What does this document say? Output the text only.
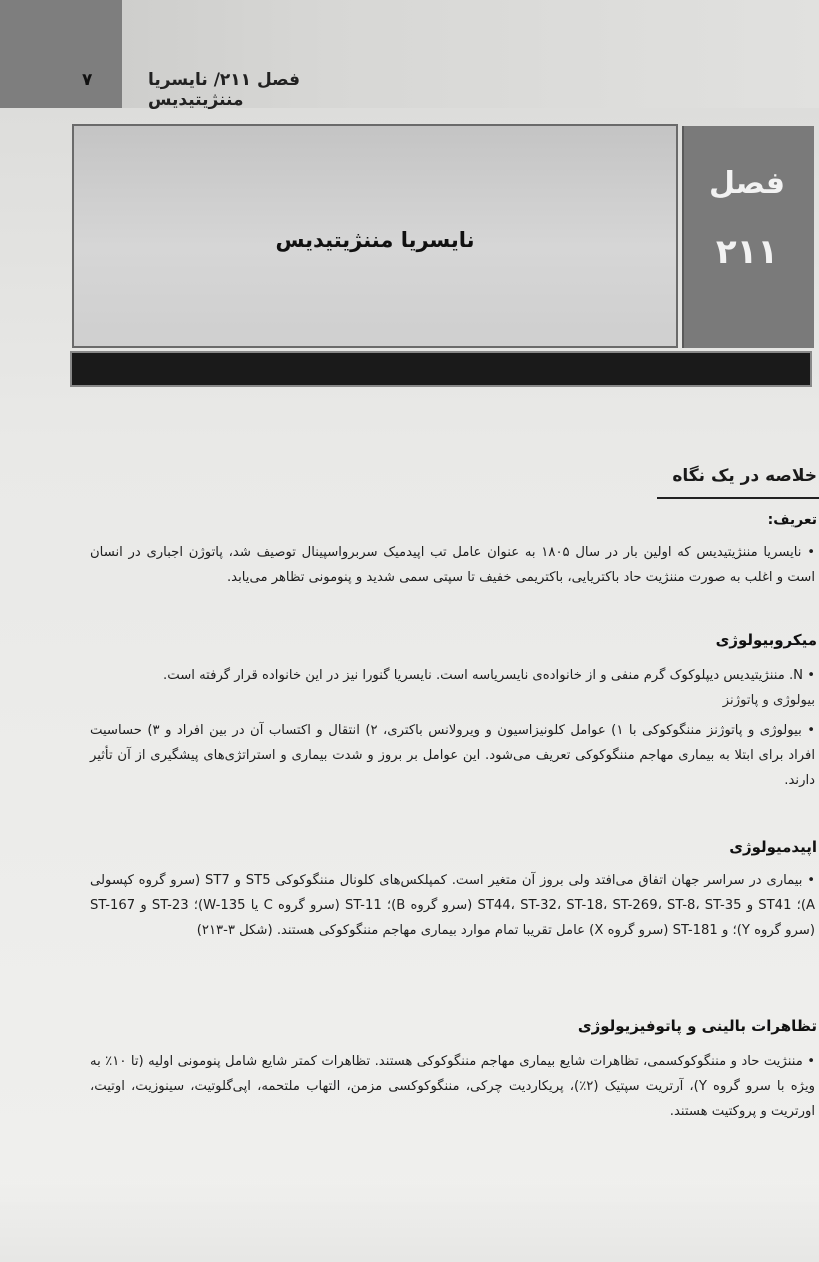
۷	فصل ۲۱۱/ نایسریا مننژیتیدیس
نایسریا مننژیتیدیس
فصل
۲۱۱
خلاصه در یک نگاه
تعریف:

• نایسریا مننژیتیدیس که اولین بار در سال ۱۸۰۵ به عنوان عامل تب اپیدمیک سربرواسپینال توصیف شد، پاتوژن اجباری در انسان است و اغلب به صورت مننژیت حاد باکتریایی، باکتریمی خفیف تا سپتی سمی شدید و پنومونی تظاهر می‌یابد.

میکروبیولوژی

• N. مننژیتیدیس دیپلوکوک گرم منفی و از خانواده‌ی نایسریاسه است. نایسریا گنورا نیز در این خانواده قرار گرفته است.

بیولوژی و پاتوژنز

• بیولوژی و پاتوژنز مننگوکوکی با ۱) عوامل کلونیزاسیون و ویرولانس باکتری، ۲) انتقال و اکتساب آن در بین افراد و ۳) حساسیت افراد برای ابتلا به بیماری مهاجم مننگوکوکی تعریف می‌شود. این عوامل بر بروز و شدت بیماری و استراتژی‌های پیشگیری از آن تأثیر دارند.

اپیدمیولوژی

• بیماری در سراسر جهان اتفاق می‌افتد ولی بروز آن متغیر است. کمپلکس‌های کلونال مننگوکوکی ST5 و ST7 (سرو گروه کپسولی A)؛ ST41 و ST44، ST-32، ST-18، ST-269، ST-8، ST-35 (سرو گروه B)؛ ST-11 (سرو گروه C یا W-135)؛ ST-23 و ST-167 (سرو گروه Y)؛ و ST-181 (سرو گروه X) عامل تقریبا تمام موارد بیماری مهاجم مننگوکوکی هستند. (شکل ۳-۲۱۳)

تظاهرات بالینی و پاتوفیزیولوژی

• مننژیت حاد و مننگوکوکسمی، تظاهرات شایع بیماری مهاجم مننگوکوکی هستند. تظاهرات کمتر شایع شامل پنومونی اولیه (تا ۱۰٪ به ویژه با سرو گروه Y)، آرتریت سپتیک (۲٪)، پریکاردیت چرکی، مننگوکوکسی مزمن، التهاب ملتحمه، اپی‌گلوتیت، سینوزیت، اوتیت، اورتریت و پروکتیت هستند.
